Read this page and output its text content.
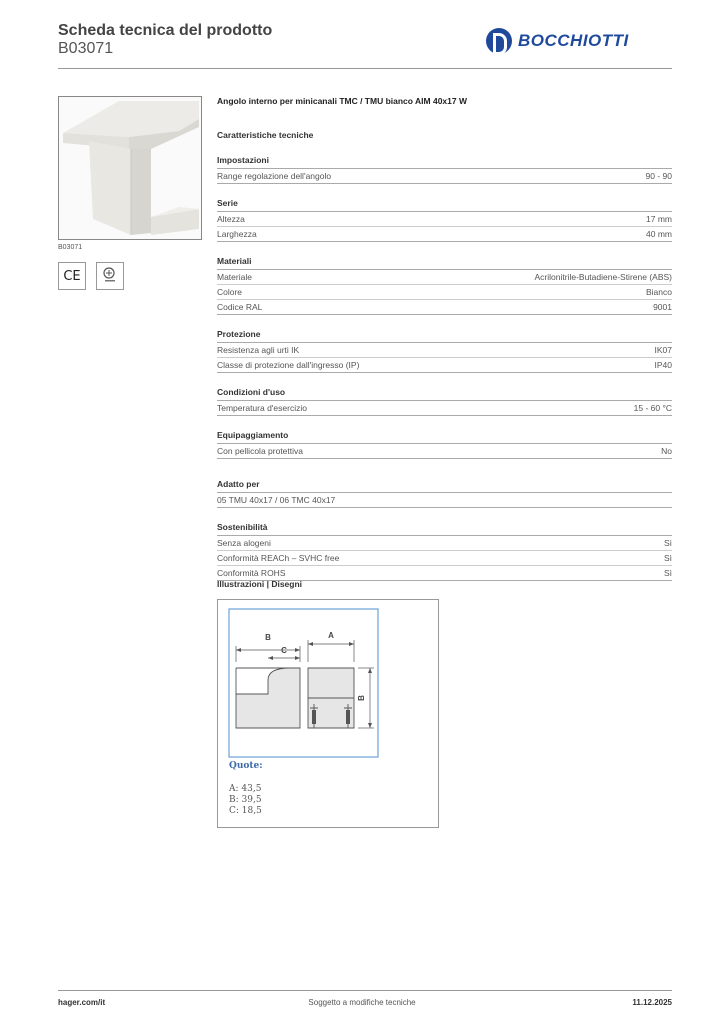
Scheda tecnica del prodotto
B03071	BOCCHIOTTI
B03071
CE
Angolo interno per minicanali TMC / TMU bianco AIM 40x17 W
Caratteristiche tecniche
Impostazioni
Range regolazione dell'angolo	90 - 90
Serie
Altezza	17 mm
Larghezza	40 mm
Materiali
Materiale	Acrilonitrile-Butadiene-Stirene (ABS)
Colore	Bianco
Codice RAL	9001
Protezione
Resistenza agli urti IK	IK07
Classe di protezione dall'ingresso (IP)	IP40
Condizioni d'uso
Temperatura d'esercizio	15 - 60 °C
Equipaggiamento
Con pellicola protettiva	No
Adatto per
05 TMU 40x17 / 06 TMC 40x17
Sostenibilità
Senza alogeni	Sì
Conformità REACh – SVHC free	Sì
Conformità ROHS	Sì
Illustrazioni | Disegni
B
C
A
B
Quote:
A: 43,5
B: 39,5
C: 18,5
hager.com/it	Soggetto a modifiche tecniche	11.12.2025
